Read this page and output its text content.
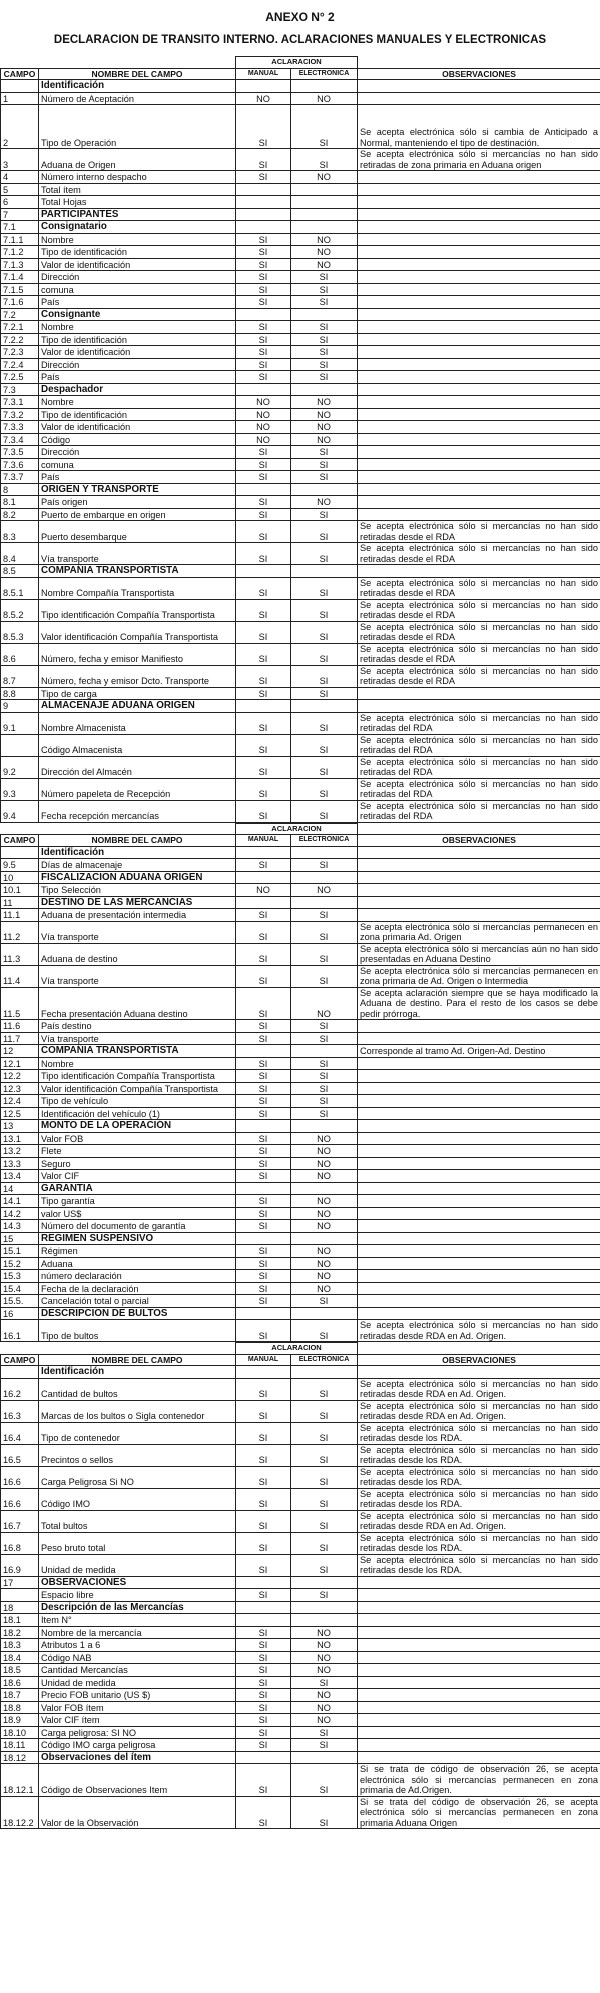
ANEXO N° 2
DECLARACION DE TRANSITO INTERNO. ACLARACIONES MANUALES Y ELECTRONICAS
		ACLARACION		
CAMPO	NOMBRE DEL CAMPO	MANUAL	ELECTRONICA	OBSERVACIONES
	Identificación			
1	Número de Aceptación	NO	NO	
2	Tipo de Operación	SI	SI	Se acepta electrónica sólo si cambia de Anticipado a Normal, manteniendo el tipo de destinación.
3	Aduana de Origen	SI	SI	Se acepta electrónica sólo si mercancías no han sido retiradas de zona primaria en Aduana origen
4	Número interno despacho	SI	NO	
5	Total ítem			
6	Total Hojas			
7	PARTICIPANTES			
7.1	Consignatario			
7.1.1	Nombre	SI	NO	
7.1.2	Tipo de identificación	SI	NO	
7.1.3	Valor de identificación	SI	NO	
7.1.4	Dirección	SI	SI	
7.1.5	comuna	SI	SI	
7.1.6	País	SI	SI	
7.2	Consignante			
7.2.1	Nombre	SI	SI	
7.2.2	Tipo de identificación	SI	SI	
7.2.3	Valor de identificación	SI	SI	
7.2.4	Dirección	SI	SI	
7.2.5	País	SI	SI	
7.3	Despachador			
7.3.1	Nombre	NO	NO	
7.3.2	Tipo de identificación	NO	NO	
7.3.3	Valor de identificación	NO	NO	
7.3.4	Código	NO	NO	
7.3.5	Dirección	SI	SI	
7.3.6	comuna	SI	SI	
7.3.7	País	SI	SI	
8	ORIGEN Y TRANSPORTE			
8.1	País origen	SI	NO	
8.2	Puerto de embarque en origen	SI	SI	
8.3	Puerto desembarque	SI	SI	Se acepta electrónica sólo si mercancías no han sido retiradas desde el RDA
8.4	Vía transporte	SI	SI	Se acepta electrónica sólo si mercancías no han sido retiradas desde el RDA
8.5	COMPAÑIA TRANSPORTISTA			
8.5.1	Nombre Compañía Transportista	SI	SI	Se acepta electrónica sólo si mercancías no han sido retiradas desde el RDA
8.5.2	Tipo identificación Compañía Transportista	SI	SI	Se acepta electrónica sólo si mercancías no han sido retiradas desde el RDA
8.5.3	Valor identificación Compañía Transportista	SI	SI	Se acepta electrónica sólo si mercancías no han sido retiradas desde el RDA
8.6	Número, fecha y emisor Manifiesto	SI	SI	Se acepta electrónica sólo si mercancías no han sido retiradas desde el RDA
8.7	Número, fecha y emisor Dcto. Transporte	SI	SI	Se acepta electrónica sólo si mercancías no han sido retiradas desde el RDA
8.8	Tipo de carga	SI	SI	
9	ALMACENAJE ADUANA ORIGEN			
9.1	Nombre Almacenista	SI	SI	Se acepta electrónica sólo si mercancías no han sido retiradas del RDA
	Código Almacenista	SI	SI	Se acepta electrónica sólo si mercancías no han sido retiradas del RDA
9.2	Dirección del Almacén	SI	SI	Se acepta electrónica sólo si mercancías no han sido retiradas del RDA
9.3	Número papeleta de Recepción	SI	SI	Se acepta electrónica sólo si mercancías no han sido retiradas del RDA
9.4	Fecha recepción mercancías	SI	SI	Se acepta electrónica sólo si mercancías no han sido retiradas del RDA
		ACLARACION		
CAMPO	NOMBRE DEL CAMPO	MANUAL	ELECTRONICA	OBSERVACIONES
	Identificación			
9.5	Días de almacenaje	SI	SI	
10	FISCALIZACION ADUANA ORIGEN			
10.1	Tipo Selección	NO	NO	
11	DESTINO DE LAS MERCANCIAS			
11.1	Aduana de presentación intermedia	SI	SI	
11.2	Vía transporte	SI	SI	Se acepta electrónica sólo si mercancías permanecen en zona primaria Ad. Origen
11.3	Aduana de destino	SI	SI	Se acepta electrónica sólo si mercancías aún no han sido presentadas en Aduana Destino
11.4	Vía transporte	SI	SI	Se acepta electrónica sólo si mercancías permanecen en zona primaria de Ad. Origen o Intermedia
11.5	Fecha presentación Aduana destino	SI	NO	Se acepta aclaración siempre que se haya modificado la Aduana de destino. Para el resto de los casos se debe pedir prórroga.
11.6	País destino	SI	SI	
11.7	Vía transporte	SI	SI	
12	COMPAÑIA TRANSPORTISTA			Corresponde al tramo Ad. Origen-Ad. Destino
12.1	Nombre	SI	SI	
12.2	Tipo identificación Compañía Transportista	SI	SI	
12.3	Valor identificación Compañía Transportista	SI	SI	
12.4	Tipo de vehículo	SI	SI	
12.5	Identificación del vehículo (1)	SI	SI	
13	MONTO DE LA OPERACIÓN			
13.1	Valor FOB	SI	NO	
13.2	Flete	SI	NO	
13.3	Seguro	SI	NO	
13.4	Valor CIF	SI	NO	
14	GARANTIA			
14.1	Tipo garantía	SI	NO	
14.2	valor US$	SI	NO	
14.3	Número del documento de garantía	SI	NO	
15	REGIMEN SUSPENSIVO			
15.1	Régimen	SI	NO	
15.2	Aduana	SI	NO	
15.3	número declaración	SI	NO	
15.4	Fecha de la declaración	SI	NO	
15.5.	Cancelación total o parcial	SI	SI	
16	DESCRIPCION DE BULTOS			
16.1	Tipo de bultos	SI	SI	Se acepta electrónica sólo si mercancías no han sido retiradas desde RDA en Ad. Origen.
		ACLARACION		
CAMPO	NOMBRE DEL CAMPO	MANUAL	ELECTRONICA	OBSERVACIONES
	Identificación			
16.2	Cantidad de bultos	SI	SI	Se acepta electrónica sólo si mercancías no han sido retiradas desde RDA en Ad. Origen.
16.3	Marcas de los bultos o Sigla contenedor	SI	SI	Se acepta electrónica sólo si mercancías no han sido retiradas desde RDA en Ad. Origen.
16.4	Tipo de contenedor	SI	SI	Se acepta electrónica sólo si mercancías no han sido retiradas desde los RDA.
16.5	Precintos o sellos	SI	SI	Se acepta electrónica sólo si mercancías no han sido retiradas desde los RDA.
16.6	Carga Peligrosa Si NO	SI	SI	Se acepta electrónica sólo si mercancías no han sido retiradas desde los RDA.
16.6	Código IMO	SI	SI	Se acepta electrónica sólo si mercancías no han sido retiradas desde los RDA.
16.7	Total bultos	SI	SI	Se acepta electrónica sólo si mercancías no han sido retiradas desde RDA en Ad. Origen.
16.8	Peso bruto total	SI	SI	Se acepta electrónica sólo si mercancías no han sido retiradas desde los RDA.
16.9	Unidad de medida	SI	SI	Se acepta electrónica sólo si mercancías no han sido retiradas desde los RDA.
17	OBSERVACIONES			
	Espacio libre	SI	SI	
18	Descripción de las Mercancías			
18.1	Item N°			
18.2	Nombre de la mercancía	SI	NO	
18.3	Atributos 1 a 6	SI	NO	
18.4	Código NAB	SI	NO	
18.5	Cantidad Mercancías	SI	NO	
18.6	Unidad de medida	SI	SI	
18.7	Precio FOB unitario (US $)	SI	NO	
18.8	Valor FOB ítem	SI	NO	
18.9	Valor CIF ítem	SI	NO	
18.10	Carga peligrosa: SI NO	SI	SI	
18.11	Código IMO carga peligrosa	SI	SI	
18.12	Observaciones del ítem			
18.12.1	Código de Observaciones Item	SI	SI	Si se trata de código de observación 26, se acepta electrónica sólo si mercancías permanecen en zona primaria de Ad.Origen.
18.12.2	Valor de la Observación	SI	SI	Si se trata del código de observación 26, se acepta electrónica sólo si mercancías permanecen en zona primaria Aduana Origen
